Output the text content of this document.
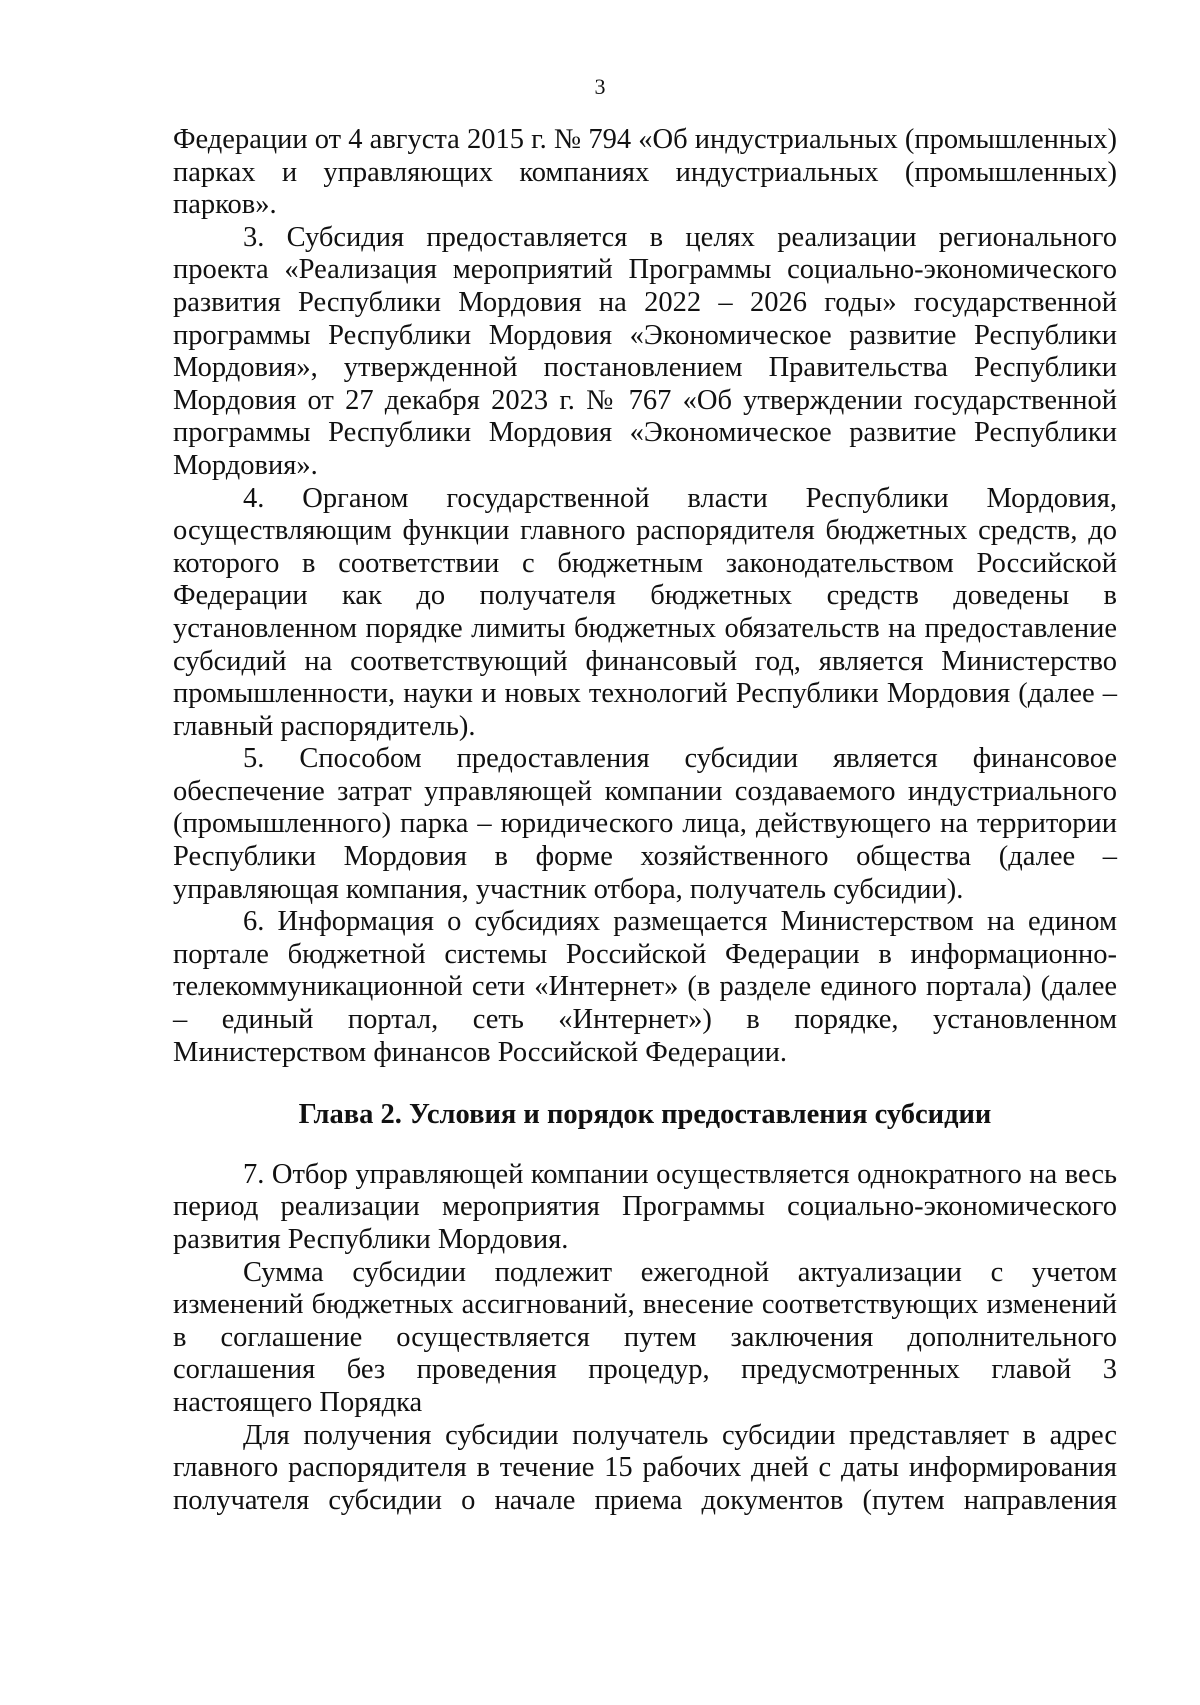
3

Федерации от 4 августа 2015 г. № 794 «Об индустриальных (промышленных) парках и управляющих компаниях индустриальных (промышленных) парков».

3. Субсидия предоставляется в целях реализации регионального проекта «Реализация мероприятий Программы социально-экономического развития Республики Мордовия на 2022 – 2026 годы» государственной программы Республики Мордовия «Экономическое развитие Республики Мордовия», утвержденной постановлением Правительства Республики Мордовия от 27 декабря 2023 г. № 767 «Об утверждении государственной программы Республики Мордовия «Экономическое развитие Республики Мордовия».

4. Органом государственной власти Республики Мордовия, осуществляющим функции главного распорядителя бюджетных средств, до которого в соответствии с бюджетным законодательством Российской Федерации как до получателя бюджетных средств доведены в установленном порядке лимиты бюджетных обязательств на предоставление субсидий на соответствующий финансовый год, является Министерство промышленности, науки и новых технологий Республики Мордовия (далее – главный распорядитель).

5. Способом предоставления субсидии является финансовое обеспечение затрат управляющей компании создаваемого индустриального (промышленного) парка – юридического лица, действующего на территории Республики Мордовия в форме хозяйственного общества (далее – управляющая компания, участник отбора, получатель субсидии).

6. Информация о субсидиях размещается Министерством на едином портале бюджетной системы Российской Федерации в информационно-телекоммуникационной сети «Интернет» (в разделе единого портала) (далее – единый портал, сеть «Интернет») в порядке, установленном Министерством финансов Российской Федерации.

Глава 2. Условия и порядок предоставления субсидии

7. Отбор управляющей компании осуществляется однократного на весь период реализации мероприятия Программы социально-экономического развития Республики Мордовия.

Сумма субсидии подлежит ежегодной актуализации с учетом изменений бюджетных ассигнований, внесение соответствующих изменений в соглашение осуществляется путем заключения дополнительного соглашения без проведения процедур, предусмотренных главой 3 настоящего Порядка

Для получения субсидии получатель субсидии представляет в адрес главного распорядителя в течение 15 рабочих дней с даты информирования получателя субсидии о начале приема документов (путем направления
